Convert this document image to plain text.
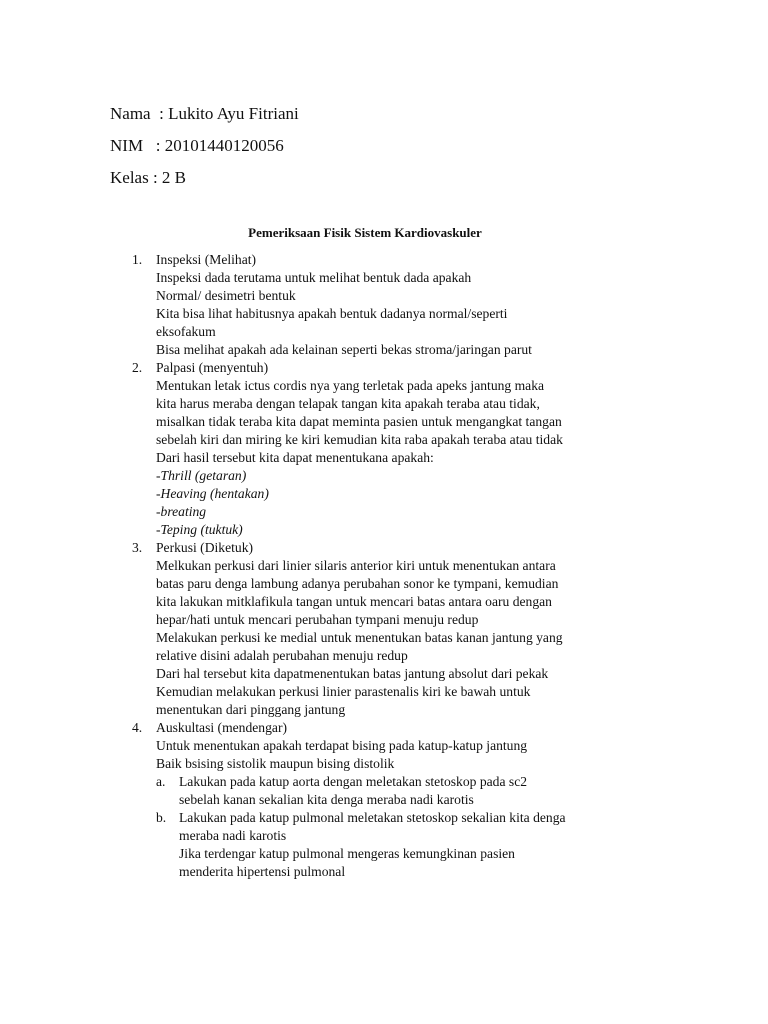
Nama  : Lukito Ayu Fitriani
NIM   : 20101440120056
Kelas : 2 B
Pemeriksaan Fisik Sistem Kardiovaskuler
1. Inspeksi (Melihat)
Inspeksi dada terutama untuk melihat bentuk dada apakah
Normal/ desimetri bentuk
Kita bisa lihat habitusnya apakah bentuk dadanya normal/seperti
eksofakum
Bisa melihat apakah ada kelainan seperti bekas stroma/jaringan parut
2. Palpasi (menyentuh)
Mentukan letak ictus cordis nya yang terletak pada apeks jantung maka
kita harus meraba dengan telapak tangan kita apakah teraba atau tidak,
misalkan tidak teraba kita dapat meminta pasien untuk mengangkat tangan
sebelah kiri dan miring ke kiri kemudian kita raba apakah teraba atau tidak
Dari hasil tersebut kita dapat menentukana apakah:
-Thrill (getaran)
-Heaving (hentakan)
-breating
-Teping (tuktuk)
3. Perkusi (Diketuk)
Melkukan perkusi dari linier silaris anterior kiri untuk menentukan antara
batas paru denga lambung adanya perubahan sonor ke tympani, kemudian
kita lakukan mitklafikula tangan untuk mencari batas antara oaru dengan
hepar/hati untuk mencari perubahan tympani menuju redup
Melakukan perkusi ke medial untuk menentukan batas kanan jantung yang
relative disini adalah perubahan menuju redup
Dari hal tersebut kita dapatmenentukan batas jantung absolut dari pekak
Kemudian melakukan perkusi linier parastenalis kiri ke bawah untuk
menentukan dari pinggang jantung
4. Auskultasi (mendengar)
Untuk menentukan apakah terdapat bising pada katup-katup jantung
Baik bsising sistolik maupun bising distolik
a. Lakukan pada katup aorta dengan meletakan stetoskop pada sc2
sebelah kanan sekalian kita denga meraba nadi karotis
b. Lakukan pada katup pulmonal meletakan stetoskop sekalian kita denga
meraba nadi karotis
Jika terdengar katup pulmonal mengeras kemungkinan pasien
menderita hipertensi pulmonal
